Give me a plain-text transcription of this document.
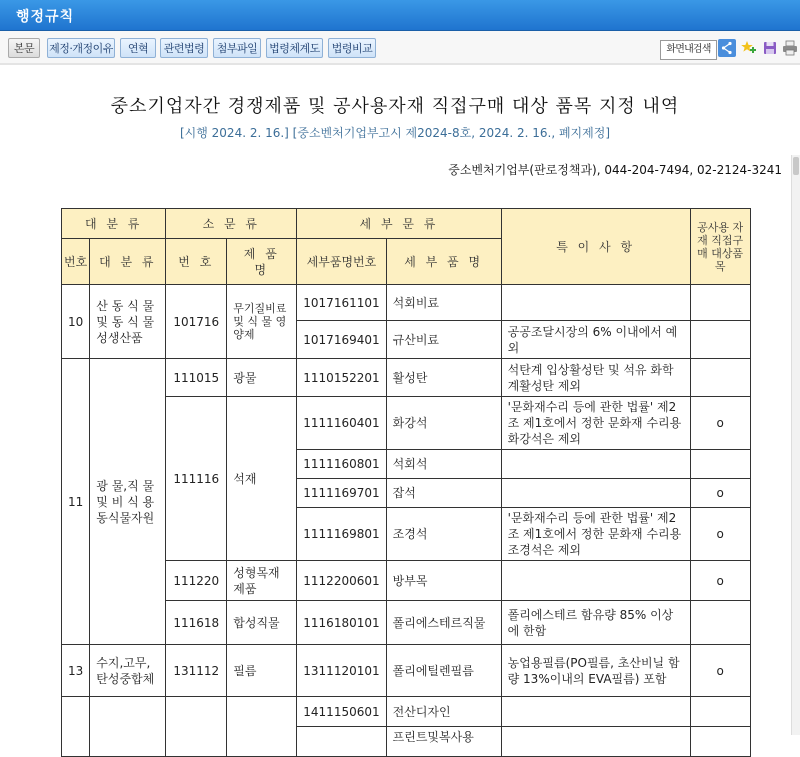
행정규칙
본문	제정·개정이유	연혁	관련법령	첨부파일	법령체계도	법령비교	화면내검색
중소기업자간 경쟁제품 및 공사용자재 직접구매 대상 품목 지정 내역
[시행 2024. 2. 16.] [중소벤처기업부고시 제2024-8호, 2024. 2. 16., 폐지제정]
중소벤처기업부(판로정책과), 044-204-7494, 02-2124-3241
대 분 류		소 문 류		세 부 문 류		특 이 사 항	공사용 자재 직접구매 대상품목
번호	대 분 류	번 호	제 품 명	세부품명번호	세 부 품 명		
10	산 동 식 물 및 동 식 물 성생산품	101716	무기질비료 및 식 물 영 양제	1017161101	석회비료		
				1017169401	규산비료	공공조달시장의 6% 이내에서 예외	
11	광 물,직 물 및 비 식 용 동식물자원	111015	광물	1110152201	활성탄	석탄계 입상활성탄 및 석유 화학계활성탄 제외	
		111116	석재	1111160401	화강석	'문화재수리 등에 관한 법률' 제2조 제1호에서 정한 문화재 수리용 화강석은 제외	o
				1111160801	석회석		
				1111169701	잡석		o
				1111169801	조경석	'문화재수리 등에 관한 법률' 제2조 제1호에서 정한 문화재 수리용 조경석은 제외	o
		111220	성형목재 제품	1112200601	방부목		o
		111618	합성직물	1116180101	폴리에스테르직물	폴리에스테르 함유량 85% 이상에 한함	
13	수지,고무, 탄성중합체	131112	필름	1311120101	폴리에틸렌필름	농업용필름(PO필름, 초산비닐 함량 13%이내의 EVA필름) 포함	o
				1411150601	전산디자인		
					프린트및복사용		
